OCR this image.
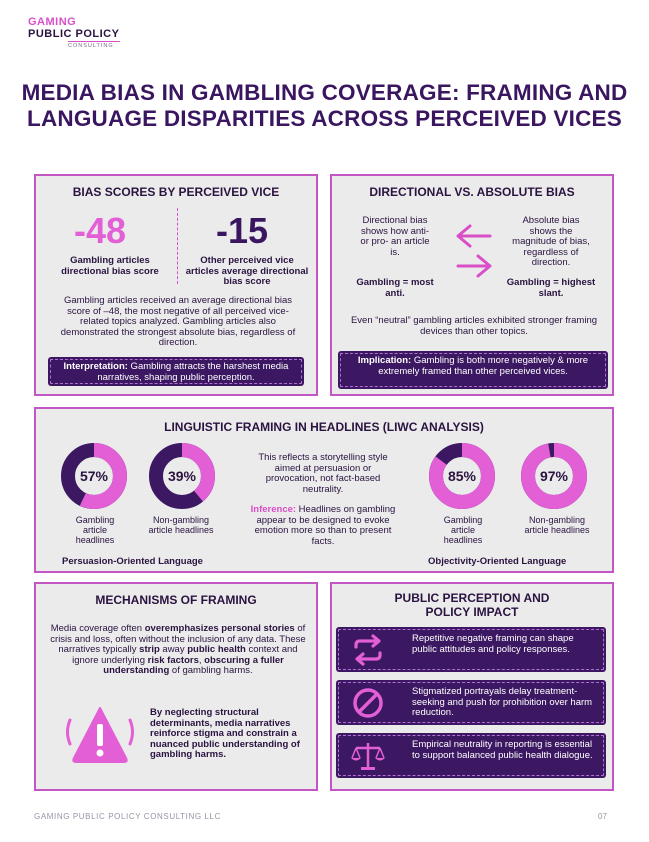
GAMING
PUBLIC POLICY
CONSULTING
MEDIA BIAS IN GAMBLING COVERAGE: FRAMING AND LANGUAGE DISPARITIES ACROSS PERCEIVED VICES
BIAS SCORES BY PERCEIVED VICE
-48
Gambling articles directional bias score
-15
Other perceived vice articles average directional bias score
Gambling articles received an average directional bias score of –48, the most negative of all perceived vice-related topics analyzed. Gambling articles also demonstrated the strongest absolute bias, regardless of direction.
Interpretation: Gambling attracts the harshest media narratives, shaping public perception.
DIRECTIONAL VS. ABSOLUTE BIAS
Directional bias shows how anti- or pro- an article is.
Gambling = most anti.
Absolute bias shows the magnitude of bias, regardless of direction.
Gambling = highest slant.
Even “neutral” gambling articles exhibited stronger framing devices than other topics.
Implication: Gambling is both more negatively & more extremely framed than other perceived vices.
LINGUISTIC FRAMING IN HEADLINES (LIWC ANALYSIS)
57%	39%	85%	97%
Gambling article headlines
Non-gambling article headlines
Gambling article headlines
Non-gambling article headlines
Persuasion-Oriented Language	Objectivity-Oriented Language
This reflects a storytelling style aimed at persuasion or provocation, not fact-based neutrality.
Inference: Headlines on gambling appear to be designed to evoke emotion more so than to present facts.
MECHANISMS OF FRAMING
Media coverage often overemphasizes personal stories of crisis and loss, often without the inclusion of any data. These narratives typically strip away public health context and ignore underlying risk factors, obscuring a fuller understanding of gambling harms.
By neglecting structural determinants, media narratives reinforce stigma and constrain a nuanced public understanding of gambling harms.
PUBLIC PERCEPTION AND POLICY IMPACT
Repetitive negative framing can shape public attitudes and policy responses.
Stigmatized portrayals delay treatment-seeking and push for prohibition over harm reduction.
Empirical neutrality in reporting is essential to support balanced public health dialogue.
GAMING PUBLIC POLICY CONSULTING LLC	07
